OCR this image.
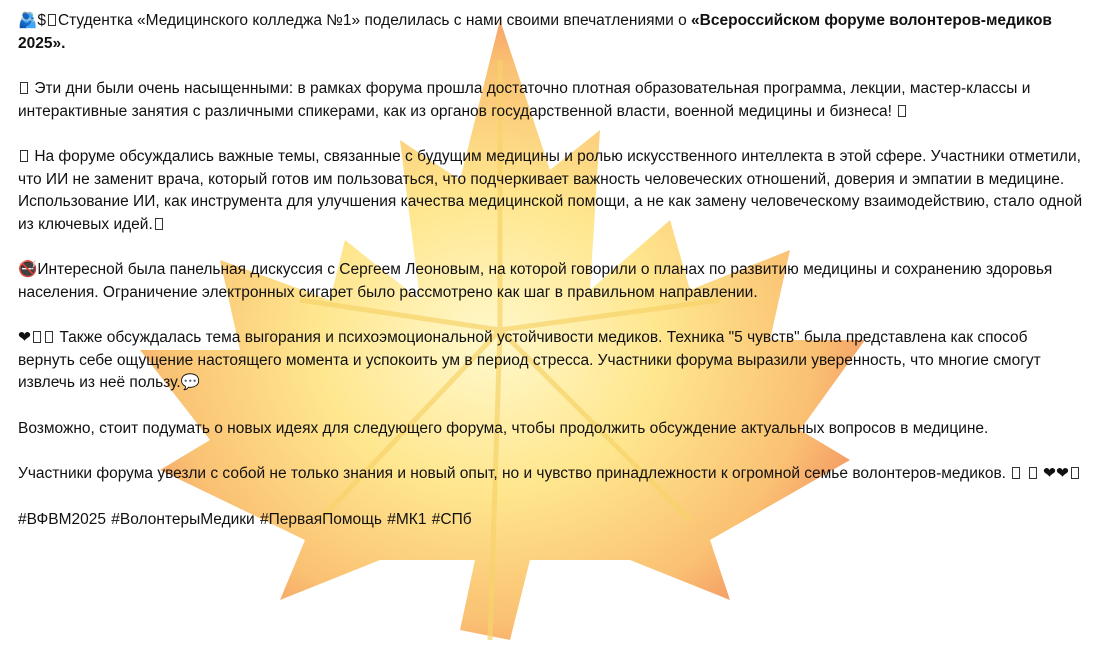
🫂$ Студентка «Медицинского колледжа №1» поделилась с нами своими впечатлениями о «Всероссийском форуме волонтеров-медиков 2025».

Эти дни были очень насыщенными: в рамках форума прошла достаточно плотная образовательная программа, лекции, мастер-классы и интерактивные занятия с различными спикерами, как из органов государственной власти, военной медицины и бизнеса!

На форуме обсуждались важные темы, связанные с будущим медицины и ролью искусственного интеллекта в этой сфере. Участники отметили, что ИИ не заменит врача, который готов им пользоваться, что подчеркивает важность человеческих отношений, доверия и эмпатии в медицине. Использование ИИ, как инструмента для улучшения качества медицинской помощи, а не как замену человеческому взаимодействию, стало одной из ключевых идей.

🚭Интересной была панельная дискуссия с Сергеем Леоновым, на которой говорили о планах по развитию медицины и сохранению здоровья населения. Ограничение электронных сигарет было рассмотрено как шаг в правильном направлении.

❤ Также обсуждалась тема выгорания и психоэмоциональной устойчивости медиков. Техника "5 чувств" была представлена как способ вернуть себе ощущение настоящего момента и успокоить ум в период стресса. Участники форума выразили уверенность, что многие смогут извлечь из неё пользу.💬

Возможно, стоит подумать о новых идеях для следующего форума, чтобы продолжить обсуждение актуальных вопросов в медицине.

Участники форума увезли с собой не только знания и новый опыт, но и чувство принадлежности к огромной семье волонтеров-медиков. ❤❤

#ВФВМ2025 #ВолонтерыМедики #ПерваяПомощь #МК1 #СПб
